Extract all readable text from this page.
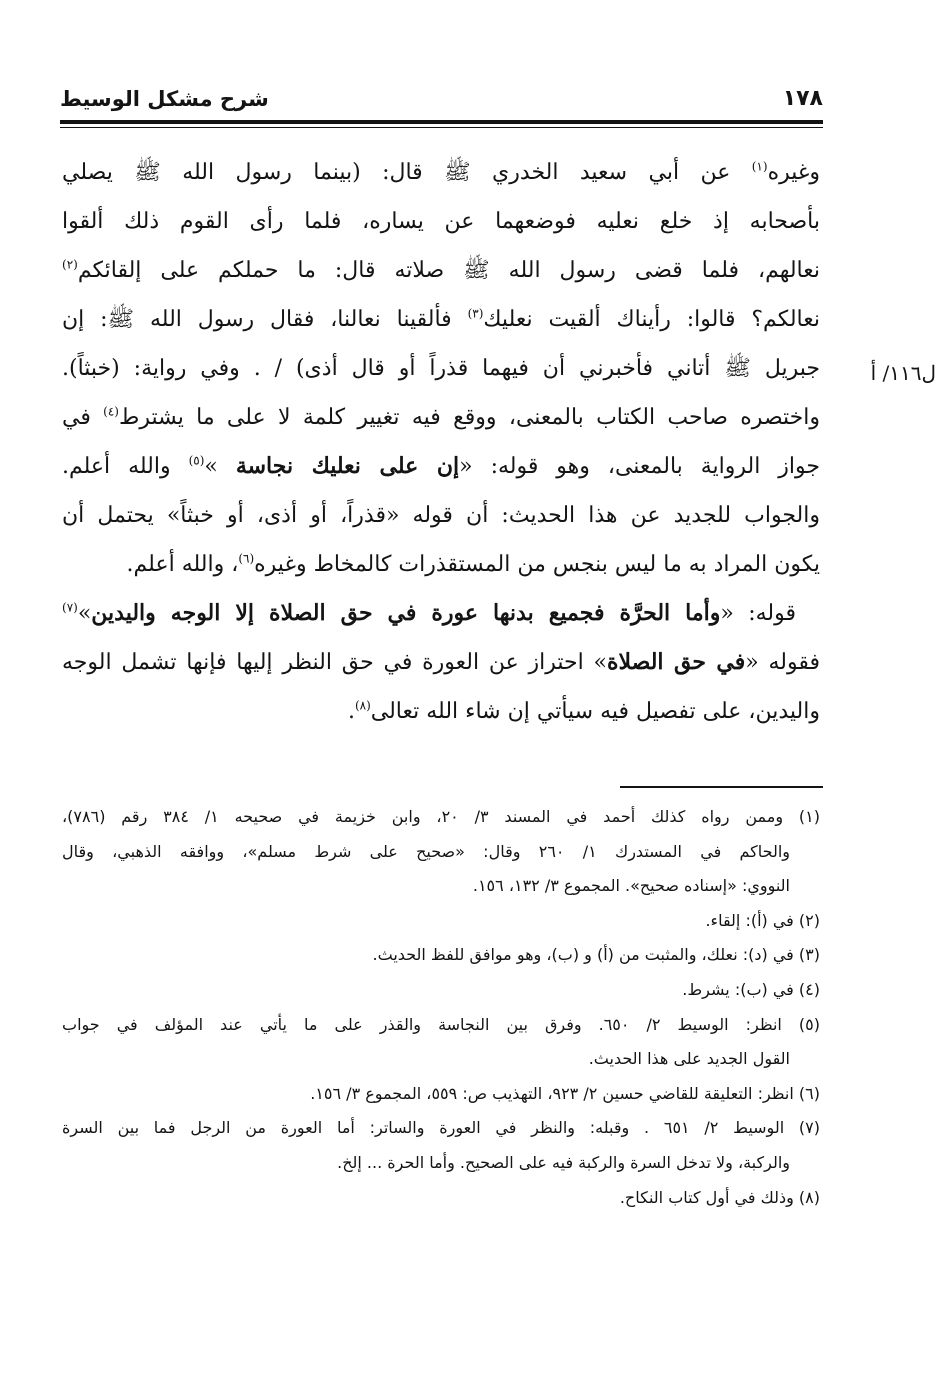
١٧٨
شرح مشكل الوسيط
ل١١٦/ أ
وغيره$^{(١)}$ عن أبي سعيد الخدري ﷺ قال: (بينما رسول الله ﷺ يصلي
بأصحابه إذ خلع نعليه فوضعهما عن يساره، فلما رأى القوم ذلك ألقوا
نعالهم، فلما قضى رسول الله ﷺ صلاته قال: ما حملكم على إلقائكم$^{(٢)}$
نعالكم؟ قالوا: رأيناك ألقيت نعليك$^{(٣)}$ فألقينا نعالنا، فقال رسول الله ﷺ: إن
جبريل ﷺ أتاني فأخبرني أن فيهما قذراً أو قال أذى) / . وفي رواية: (خبثاً).
واختصره صاحب الكتاب بالمعنى، ووقع فيه تغيير كلمة لا على ما يشترط$^{(٤)}$ في
جواز الرواية بالمعنى، وهو قوله: «إن على نعليك نجاسة »$^{(٥)}$ والله أعلم.
والجواب للجديد عن هذا الحديث: أن قوله «قذراً، أو أذى، أو خبثاً» يحتمل أن
يكون المراد به ما ليس بنجس من المستقذرات كالمخاط وغيره$^{(٦)}$، والله أعلم.
قوله: «وأما الحرَّة فجميع بدنها عورة في حق الصلاة إلا الوجه واليدين»$^{(٧)}$
فقوله «في حق الصلاة» احتراز عن العورة في حق النظر إليها فإنها تشمل الوجه
واليدين، على تفصيل فيه سيأتي إن شاء الله تعالى$^{(٨)}$.
(١) وممن رواه كذلك أحمد في المسند ٣/ ٢٠، وابن خزيمة في صحيحه ١/ ٣٨٤ رقم (٧٨٦)،
والحاكم في المستدرك ١/ ٢٦٠ وقال: «صحيح على شرط مسلم»، ووافقه الذهبي، وقال
النووي: «إسناده صحيح». المجموع ٣/ ١٣٢، ١٥٦.
(٢) في (أ): إلقاء.
(٣) في (د): نعلك، والمثبت من (أ) و (ب)، وهو موافق للفظ الحديث.
(٤) في (ب): يشرط.
(٥) انظر: الوسيط ٢/ ٦٥٠. وفرق بين النجاسة والقذر على ما يأتي عند المؤلف في جواب
القول الجديد على هذا الحديث.
(٦) انظر: التعليقة للقاضي حسين ٢/ ٩٢٣، التهذيب ص: ٥٥٩، المجموع ٣/ ١٥٦.
(٧) الوسيط ٢/ ٦٥١ . وقبله: والنظر في العورة والساتر: أما العورة من الرجل فما بين السرة
والركبة، ولا تدخل السرة والركبة فيه على الصحيح. وأما الحرة ... إلخ.
(٨) وذلك في أول كتاب النكاح.
